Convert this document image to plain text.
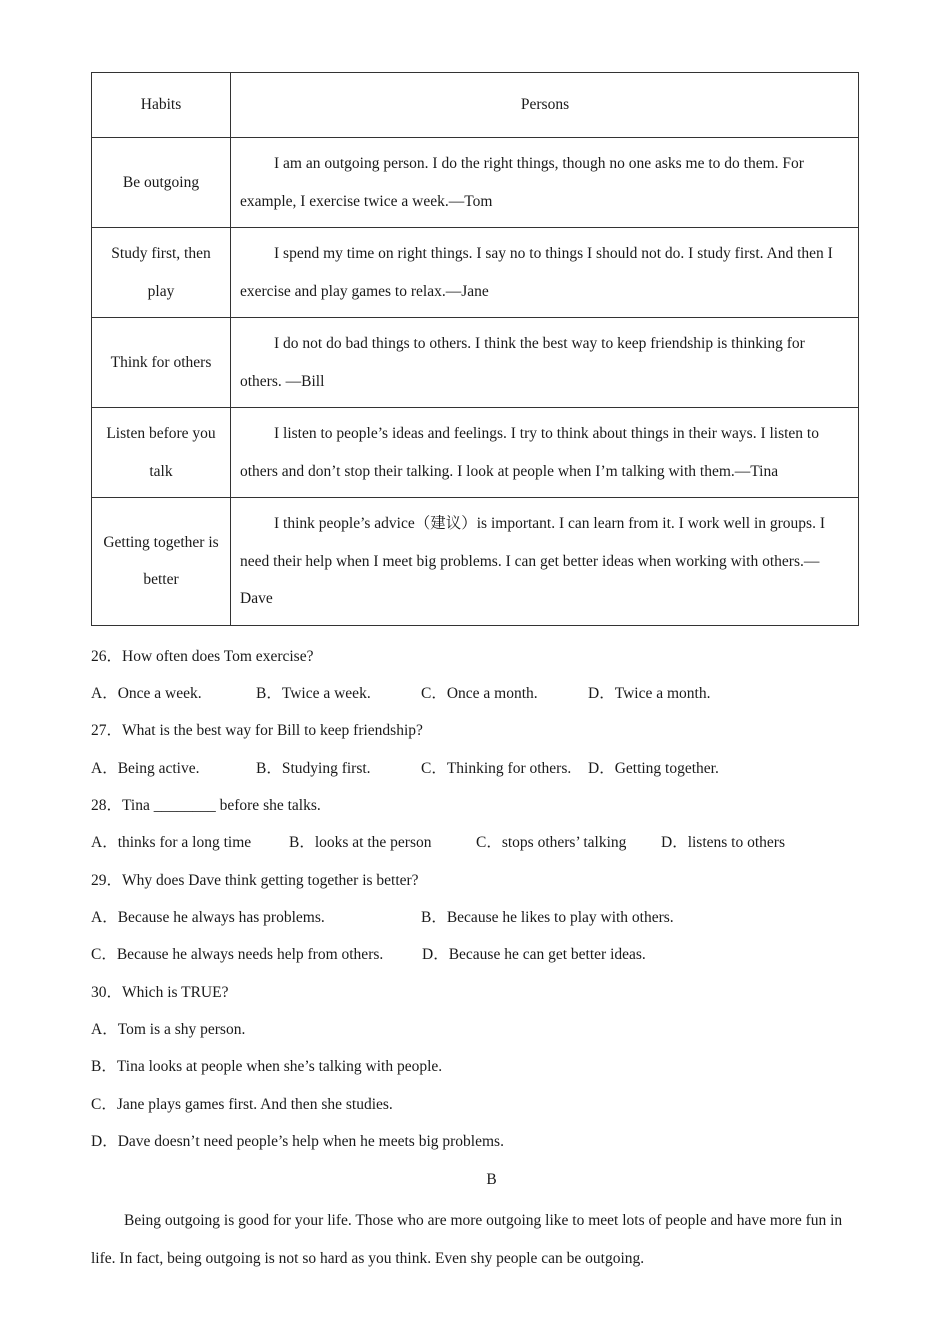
Habits	Persons
Be outgoing	I am an outgoing person. I do the right things, though no one asks me to do them. For example, I exercise twice a week.—Tom
Study first, then play	I spend my time on right things. I say no to things I should not do. I study first. And then I exercise and play games to relax.—Jane
Think for others	I do not do bad things to others. I think the best way to keep friendship is thinking for others. —Bill
Listen before you talk	I listen to people’s ideas and feelings. I try to think about things in their ways. I listen to others and don’t stop their talking. I look at people when I’m talking with them.—Tina
Getting together is better	I think people’s advice（建议）is important. I can learn from it. I work well in groups. I need their help when I meet big problems. I can get better ideas when working with others.—Dave
26．How often does Tom exercise?
A．Once a week.	B．Twice a week.	C．Once a month.	D．Twice a month.
27．What is the best way for Bill to keep friendship?
A．Being active.	B．Studying first.	C．Thinking for others. D．Getting together.
28．Tina ________ before she talks.
A．thinks for a long time B．looks at the person	C．stops others’ talking D．listens to others
29．Why does Dave think getting together is better?
A．Because he always has problems.	B．Because he likes to play with others.
C．Because he always needs help from others. D．Because he can get better ideas.
30．Which is TRUE?
A．Tom is a shy person.
B．Tina looks at people when she’s talking with people.
C．Jane plays games first. And then she studies.
D．Dave doesn’t need people’s help when he meets big problems.
B
Being outgoing is good for your life. Those who are more outgoing like to meet lots of people and have more fun in life. In fact, being outgoing is not so hard as you think. Even shy people can be outgoing.
